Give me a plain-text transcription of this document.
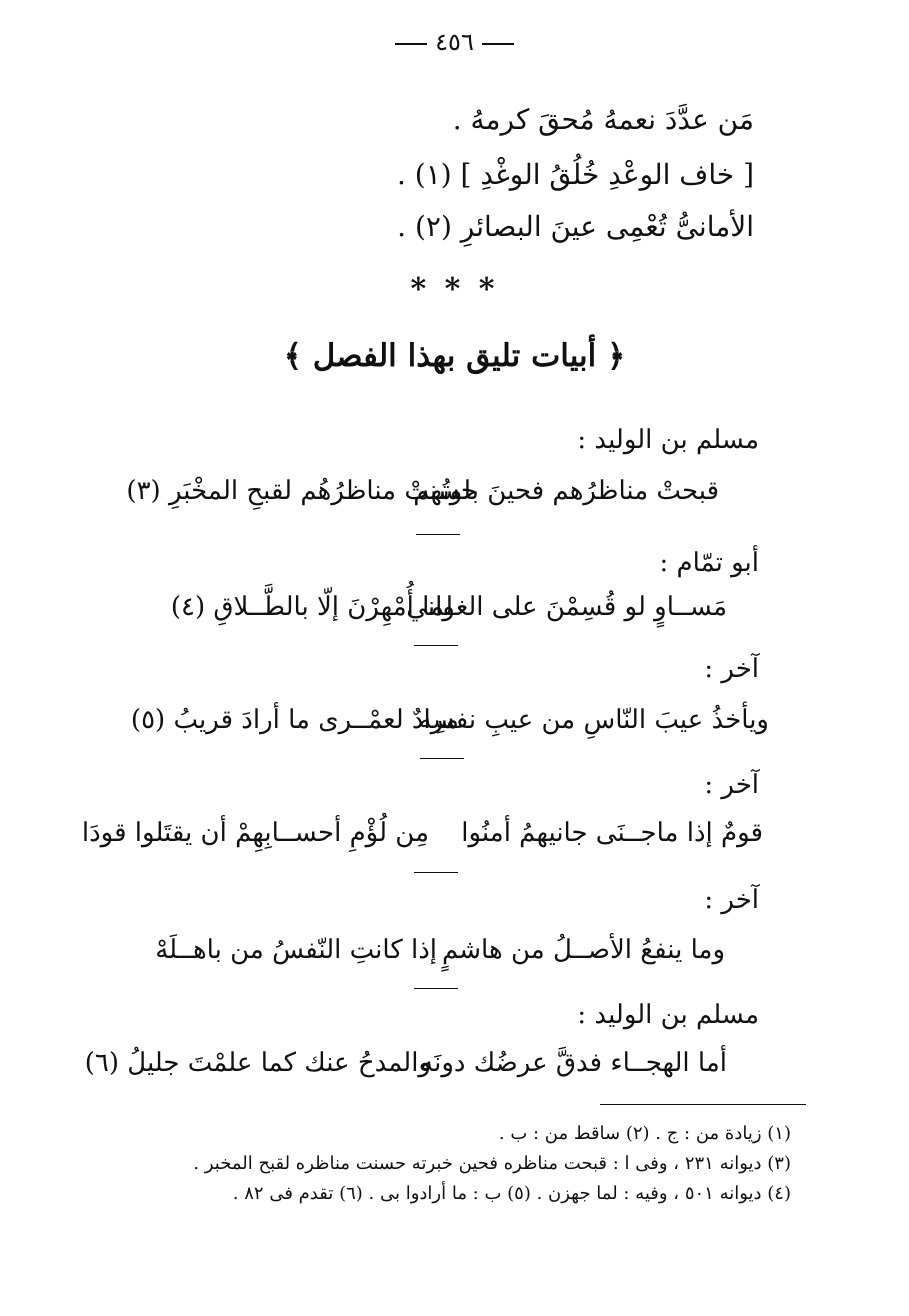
٤٥٦
مَن عدَّدَ نعمهُ مُحقَ كرمهُ .
[ خاف الوعْدِ خُلُقُ الوغْدِ ] (١) .
الأمانىُّ تُعْمِى عينَ البصائرِ (٢) .
* * *
﴿ أبيات تليق بهذا الفصل ﴾
مسلم بن الوليد :
قبحتْ مناظرُهم فحينَ بلوتُهم
حسنتْ مناظرُهُم لقبحِ المخْبَرِ (٣)
أبو تمّام :
مَســاوٍ لو قُسِمْنَ على الغواني
لما أُمْهِرْنَ إلّا بالطَّــلاقِ (٤)
آخر :
ويأخذُ عيبَ النّاسِ من عيبِ نفسِه
مرادٌ لعمْــرى ما أرادَ قريبُ (٥)
آخر :
قومٌ إذا ماجــنَى جانيهمُ أمنُوا
مِن لُؤْمِ أحســابِهِمْ أن يقتَلوا قودَا
آخر :
وما ينفعُ الأصــلُ من هاشمٍ
إذا كانتِ النّفسُ من باهــلَهْ
مسلم بن الوليد :
أما الهجــاء فدقَّ عرضُك دونَه
والمدحُ عنك كما علمْتَ جليلُ (٦)
(١) زيادة من : ج . (٢) ساقط من : ب .
(٣) ديوانه ٢٣١ ، وفى ا : قبحت مناظره فحين خبرته حسنت مناظره لقبح المخبر .
(٤) ديوانه ٥٠١ ، وفيه : لما جهزن . (٥) ب : ما أرادوا بى . (٦) تقدم فى ٨٢ .
